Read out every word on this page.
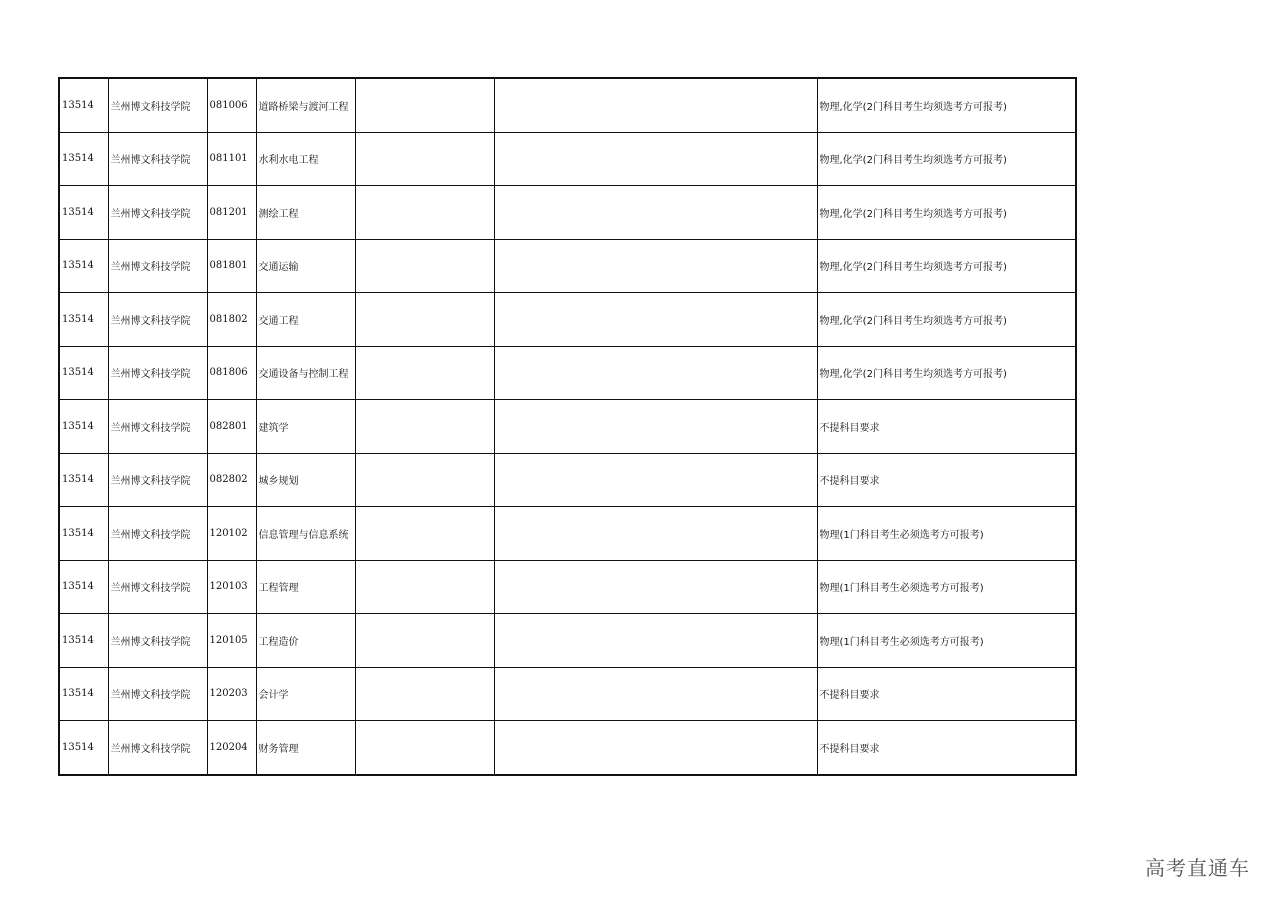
13514	兰州博文科技学院	081006	道路桥梁与渡河工程			物理,化学(2门科目考生均须选考方可报考)
13514	兰州博文科技学院	081101	水利水电工程			物理,化学(2门科目考生均须选考方可报考)
13514	兰州博文科技学院	081201	测绘工程			物理,化学(2门科目考生均须选考方可报考)
13514	兰州博文科技学院	081801	交通运输			物理,化学(2门科目考生均须选考方可报考)
13514	兰州博文科技学院	081802	交通工程			物理,化学(2门科目考生均须选考方可报考)
13514	兰州博文科技学院	081806	交通设备与控制工程			物理,化学(2门科目考生均须选考方可报考)
13514	兰州博文科技学院	082801	建筑学			不提科目要求
13514	兰州博文科技学院	082802	城乡规划			不提科目要求
13514	兰州博文科技学院	120102	信息管理与信息系统			物理(1门科目考生必须选考方可报考)
13514	兰州博文科技学院	120103	工程管理			物理(1门科目考生必须选考方可报考)
13514	兰州博文科技学院	120105	工程造价			物理(1门科目考生必须选考方可报考)
13514	兰州博文科技学院	120203	会计学			不提科目要求
13514	兰州博文科技学院	120204	财务管理			不提科目要求
高考直通车
